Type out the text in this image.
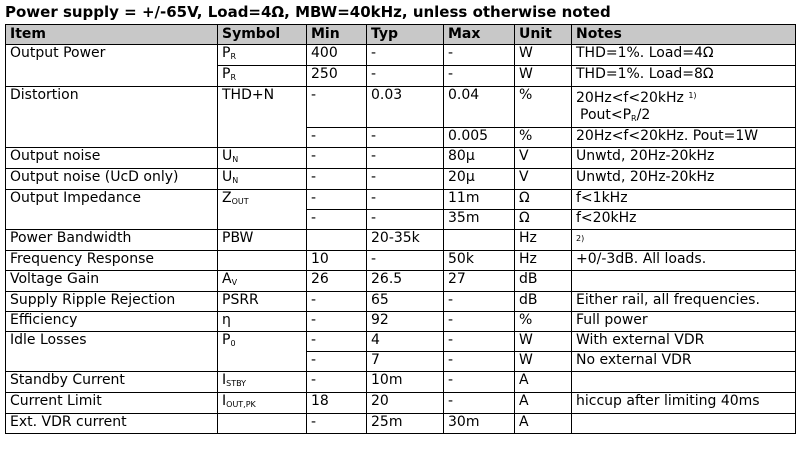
Power supply = +/-65V, Load=4Ω, MBW=40kHz, unless otherwise noted
Item	Symbol	Min	Typ	Max	Unit	Notes
Output Power	$P_R$	400	-	-	W	THD=1%. Load=4Ω
	$P_R$	250	-	-	W	THD=1%. Load=8Ω
Distortion	THD+N	-	0.03	0.04	%	20Hz<f<20kHz $^{1)}$
$Pout<P_R/2$
		-	-	0.005	%	20Hz<f<20kHz. Pout=1W
Output noise	$U_N$	-	-	80μ	V	Unwtd, 20Hz-20kHz
Output noise (UcD only)	$U_N$	-	-	20μ	V	Unwtd, 20Hz-20kHz
Output Impedance	$Z_{OUT}$	-	-	11m	Ω	f<1kHz
		-	-	35m	Ω	f<20kHz
Power Bandwidth	PBW		20-35k		Hz	$^{2)}$
Frequency Response		10	-	50k	Hz	+0/-3dB. All loads.
Voltage Gain	$A_V$	26	26.5	27	dB	
Supply Ripple Rejection	PSRR	-	65	-	dB	Either rail, all frequencies.
Efficiency	η	-	92	-	%	Full power
Idle Losses	$P_0$	-	4	-	W	With external VDR
		-	7	-	W	No external VDR
Standby Current	$I_{STBY}$	-	10m	-	A	
Current Limit	$I_{OUT,PK}$	18	20	-	A	hiccup after limiting 40ms
Ext. VDR current		-	25m	30m	A	
